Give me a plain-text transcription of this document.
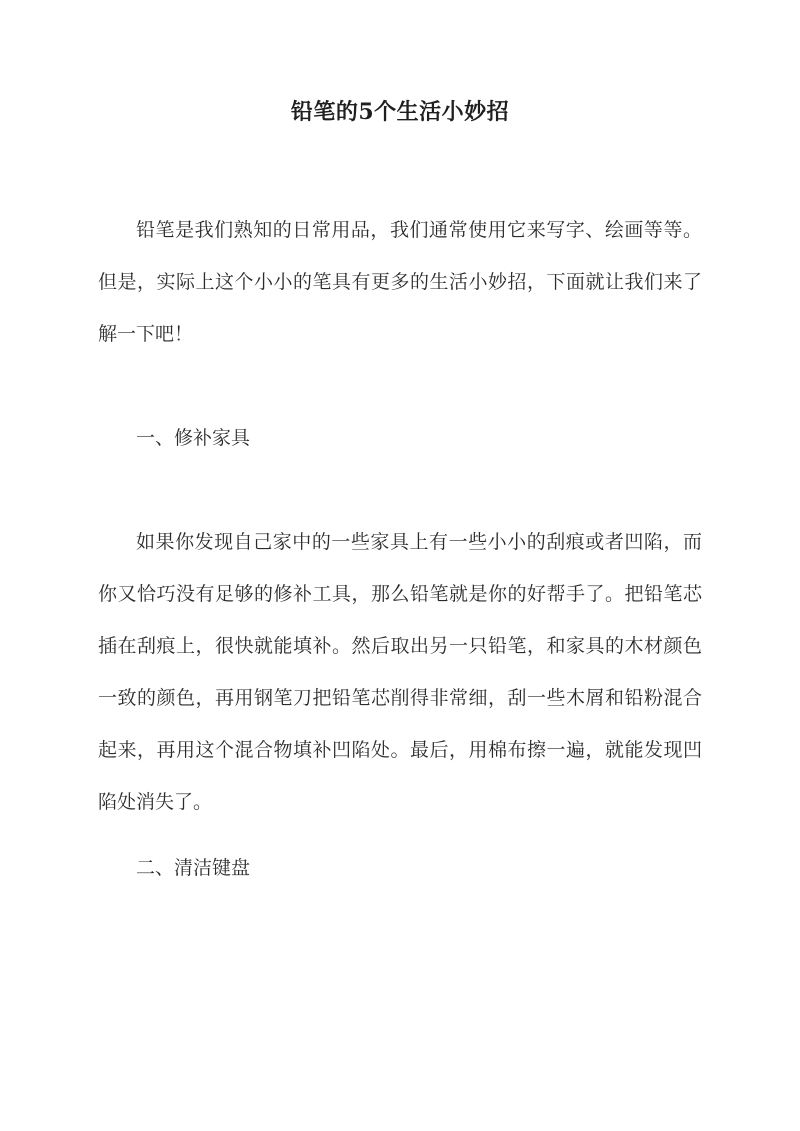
铅笔的5个生活小妙招

铅笔是我们熟知的日常用品，我们通常使用它来写字、绘画等等。但是，实际上这个小小的笔具有更多的生活小妙招，下面就让我们来了解一下吧！

一、修补家具

如果你发现自己家中的一些家具上有一些小小的刮痕或者凹陷，而你又恰巧没有足够的修补工具，那么铅笔就是你的好帮手了。把铅笔芯插在刮痕上，很快就能填补。然后取出另一只铅笔，和家具的木材颜色一致的颜色，再用钢笔刀把铅笔芯削得非常细，刮一些木屑和铅粉混合起来，再用这个混合物填补凹陷处。最后，用棉布擦一遍，就能发现凹陷处消失了。

二、清洁键盘
